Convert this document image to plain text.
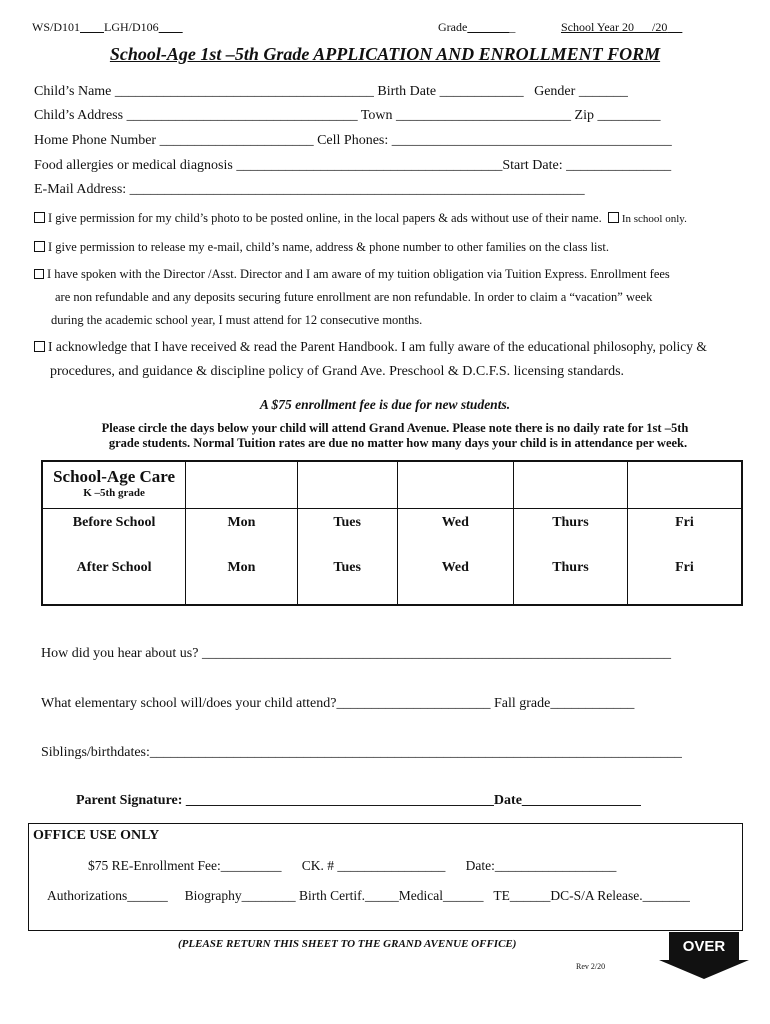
WS/D101 LGH/D106	Grade	_	School Year 20 /20
School-Age 1st –5th Grade APPLICATION AND ENROLLMENT FORM
Child’s Name _____________________________________ Birth Date ____________ Gender _______
Child’s Address _________________________________ Town _________________________ Zip _________
Home Phone Number ______________________ Cell Phones: ________________________________________
Food allergies or medical diagnosis ______________________________________Start Date: _______________
E-Mail Address: _________________________________________________________________
I give permission for my child’s photo to be posted online, in the local papers & ads without use of their name. In school only.
I give permission to release my e-mail, child’s name, address & phone number to other families on the class list.
I have spoken with the Director /Asst. Director and I am aware of my tuition obligation via Tuition Express. Enrollment fees
are non refundable and any deposits securing future enrollment are non refundable. In order to claim a “vacation” week
during the academic school year, I must attend for 12 consecutive months.
I acknowledge that I have received & read the Parent Handbook. I am fully aware of the educational philosophy, policy &
procedures, and guidance & discipline policy of Grand Ave. Preschool & D.C.F.S. licensing standards.
A $75 enrollment fee is due for new students.
Please circle the days below your child will attend Grand Avenue. Please note there is no daily rate for 1st –5th
grade students. Normal Tuition rates are due no matter how many days your child is in attendance per week.
School-Age Care
K –5th grade					

Before School	Mon	Tues	Wed	Thurs	Fri
After School	Mon	Tues	Wed	Thurs	Fri
How did you hear about us? ___________________________________________________________________
What elementary school will/does your child attend?______________________ Fall grade____________
Siblings/birthdates:____________________________________________________________________________
Parent Signature: ____________________________________________Date_________________
OFFICE USE ONLY
$75 RE-Enrollment Fee:_________ CK. # ________________ Date:__________________
Authorizations______ Biography________ Birth Certif._____Medical______ TE______DC-S/A Release._______
(PLEASE RETURN THIS SHEET TO THE GRAND AVENUE OFFICE)
Rev 2/20
OVER
